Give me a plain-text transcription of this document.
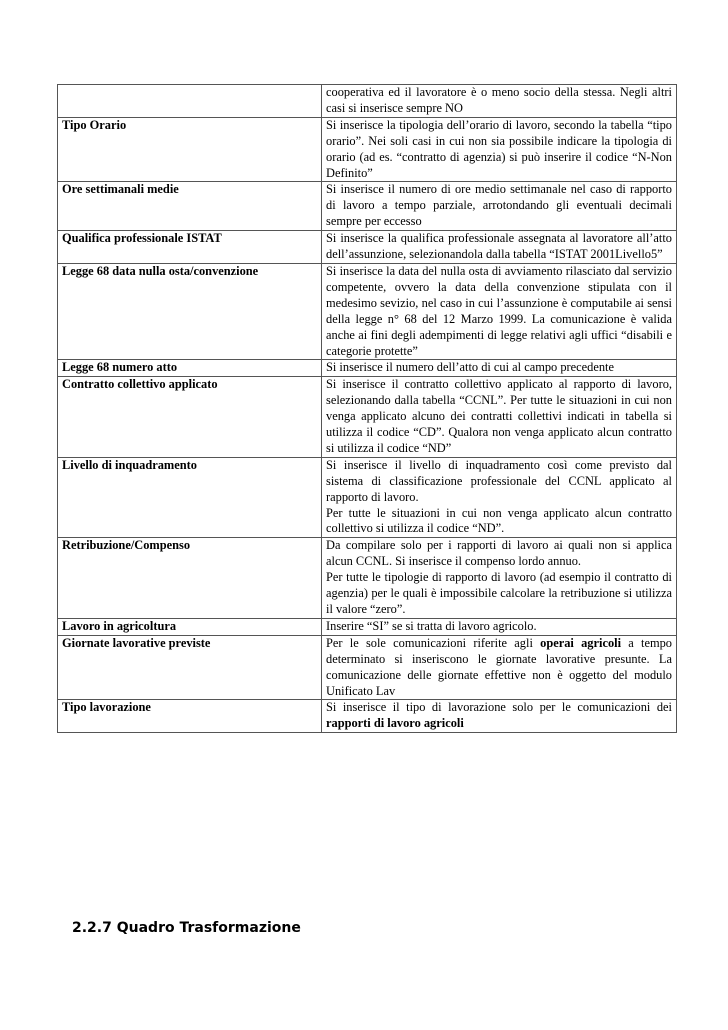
	cooperativa ed il lavoratore è o meno socio della stessa. Negli altri casi si inserisce sempre NO
Tipo Orario	Si inserisce la tipologia dell’orario di lavoro, secondo la tabella “tipo orario”. Nei soli casi in cui non sia possibile indicare la tipologia di orario (ad es. “contratto di agenzia) si può inserire il codice “N-Non Definito”
Ore settimanali medie	Si inserisce il numero di ore medio settimanale nel caso di rapporto di lavoro a tempo parziale, arrotondando gli eventuali decimali sempre per eccesso
Qualifica professionale ISTAT	Si inserisce la qualifica professionale assegnata al lavoratore all’atto dell’assunzione, selezionandola dalla tabella “ISTAT 2001Livello5”
Legge 68 data nulla osta/convenzione	Si inserisce la data del nulla osta di avviamento rilasciato dal servizio competente, ovvero la data della convenzione stipulata con il medesimo sevizio, nel caso in cui l’assunzione è computabile ai sensi della legge n° 68 del 12 Marzo 1999. La comunicazione è valida anche ai fini degli adempimenti di legge relativi agli uffici “disabili e categorie protette”
Legge 68 numero atto	Si inserisce il numero dell’atto di cui al campo precedente
Contratto collettivo applicato	Si inserisce il contratto collettivo applicato al rapporto di lavoro, selezionando dalla tabella “CCNL”. Per tutte le situazioni in cui non venga applicato alcuno dei contratti collettivi indicati in tabella si utilizza il codice “CD”. Qualora non venga applicato alcun contratto si utilizza il codice “ND”
Livello di inquadramento	Si inserisce il livello di inquadramento così come previsto dal sistema di classificazione professionale del CCNL applicato al rapporto di lavoro.
Per tutte le situazioni in cui non venga applicato alcun contratto collettivo si utilizza il codice “ND”.
Retribuzione/Compenso	Da compilare solo per i rapporti di lavoro ai quali non si applica alcun CCNL. Si inserisce il compenso lordo annuo.
Per tutte le tipologie di rapporto di lavoro (ad esempio il contratto di agenzia) per le quali è impossibile calcolare la retribuzione si utilizza il valore “zero”.
Lavoro in agricoltura	Inserire “SI” se si tratta di lavoro agricolo.
Giornate lavorative previste	Per le sole comunicazioni riferite agli operai agricoli a tempo determinato si inseriscono le giornate lavorative presunte. La comunicazione delle giornate effettive non è oggetto del modulo Unificato Lav
Tipo lavorazione	Si inserisce il tipo di lavorazione solo per le comunicazioni dei rapporti di lavoro agricoli
2.2.7 Quadro Trasformazione
